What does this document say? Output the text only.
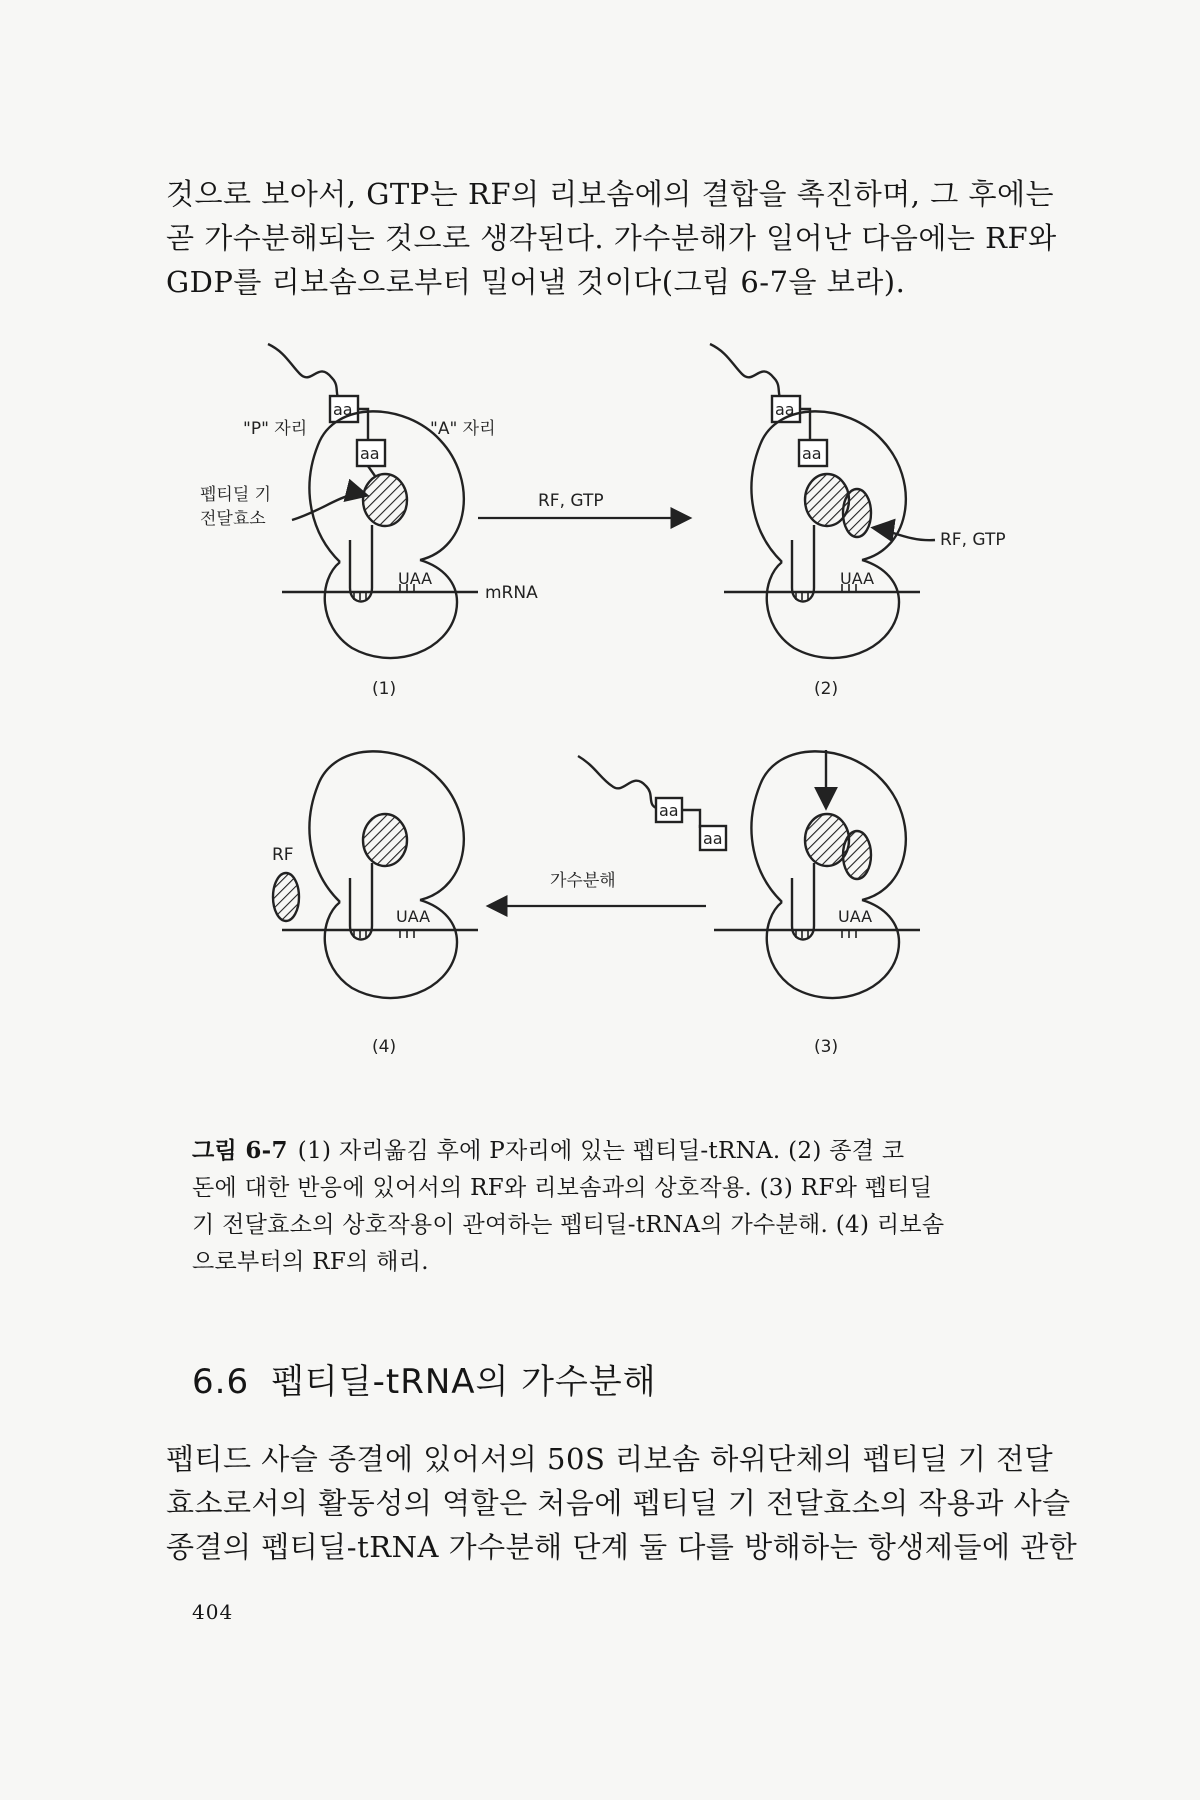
것으로 보아서, GTP는 RF의 리보솜에의 결합을 촉진하며, 그 후에는
곧 가수분해되는 것으로 생각된다. 가수분해가 일어난 다음에는 RF와
GDP를 리보솜으로부터 밀어낼 것이다(그림 6-7을 보라).

aa
aa
"P" 자리	"A" 자리
펩티딜 기
전달효소
UAA
mRNA
(1)
RF, GTP
aa
aa
RF, GTP
UAA
(2)
aa
aa
UAA
(3)
가수분해
RF
UAA
(4)

그림 6-7 (1) 자리옮김 후에 P자리에 있는 펩티딜-tRNA. (2) 종결 코
돈에 대한 반응에 있어서의 RF와 리보솜과의 상호작용. (3) RF와 펩티딜
기 전달효소의 상호작용이 관여하는 펩티딜-tRNA의 가수분해. (4) 리보솜
으로부터의 RF의 해리.

6.6 펩티딜-tRNA의 가수분해

펩티드 사슬 종결에 있어서의 50S 리보솜 하위단체의 펩티딜 기 전달
효소로서의 활동성의 역할은 처음에 펩티딜 기 전달효소의 작용과 사슬
종결의 펩티딜-tRNA 가수분해 단계 둘 다를 방해하는 항생제들에 관한

404
